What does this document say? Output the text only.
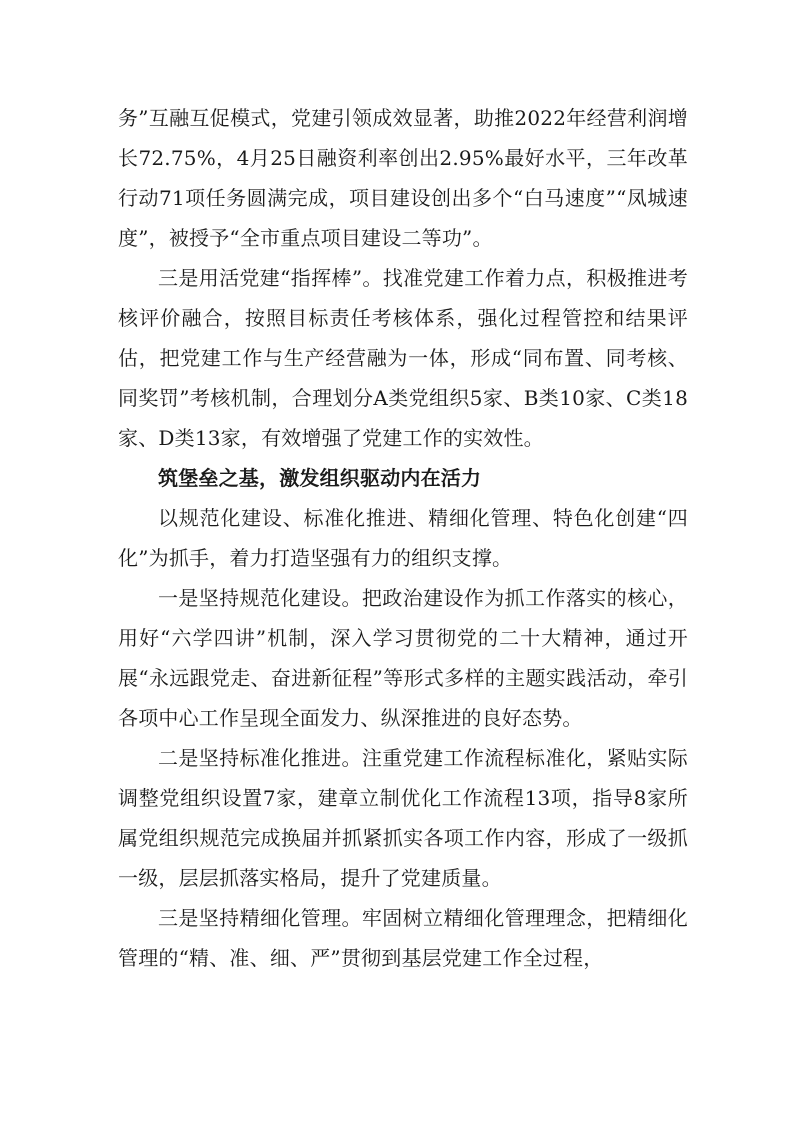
务”互融互促模式，党建引领成效显著，助推2022年经营利润增长72.75%，4月25日融资利率创出2.95%最好水平，三年改革行动71项任务圆满完成，项目建设创出多个“白马速度”“凤城速度”，被授予“全市重点项目建设二等功”。

三是用活党建“指挥棒”。找准党建工作着力点，积极推进考核评价融合，按照目标责任考核体系，强化过程管控和结果评估，把党建工作与生产经营融为一体，形成“同布置、同考核、同奖罚”考核机制，合理划分A类党组织5家、B类10家、C类18家、D类13家，有效增强了党建工作的实效性。

筑堡垒之基，激发组织驱动内在活力

以规范化建设、标准化推进、精细化管理、特色化创建“四化”为抓手，着力打造坚强有力的组织支撑。

一是坚持规范化建设。把政治建设作为抓工作落实的核心，用好“六学四讲”机制，深入学习贯彻党的二十大精神，通过开展“永远跟党走、奋进新征程”等形式多样的主题实践活动，牵引各项中心工作呈现全面发力、纵深推进的良好态势。

二是坚持标准化推进。注重党建工作流程标准化，紧贴实际调整党组织设置7家，建章立制优化工作流程13项，指导8家所属党组织规范完成换届并抓紧抓实各项工作内容，形成了一级抓一级，层层抓落实格局，提升了党建质量。

三是坚持精细化管理。牢固树立精细化管理理念，把精细化管理的“精、准、细、严”贯彻到基层党建工作全过程，
